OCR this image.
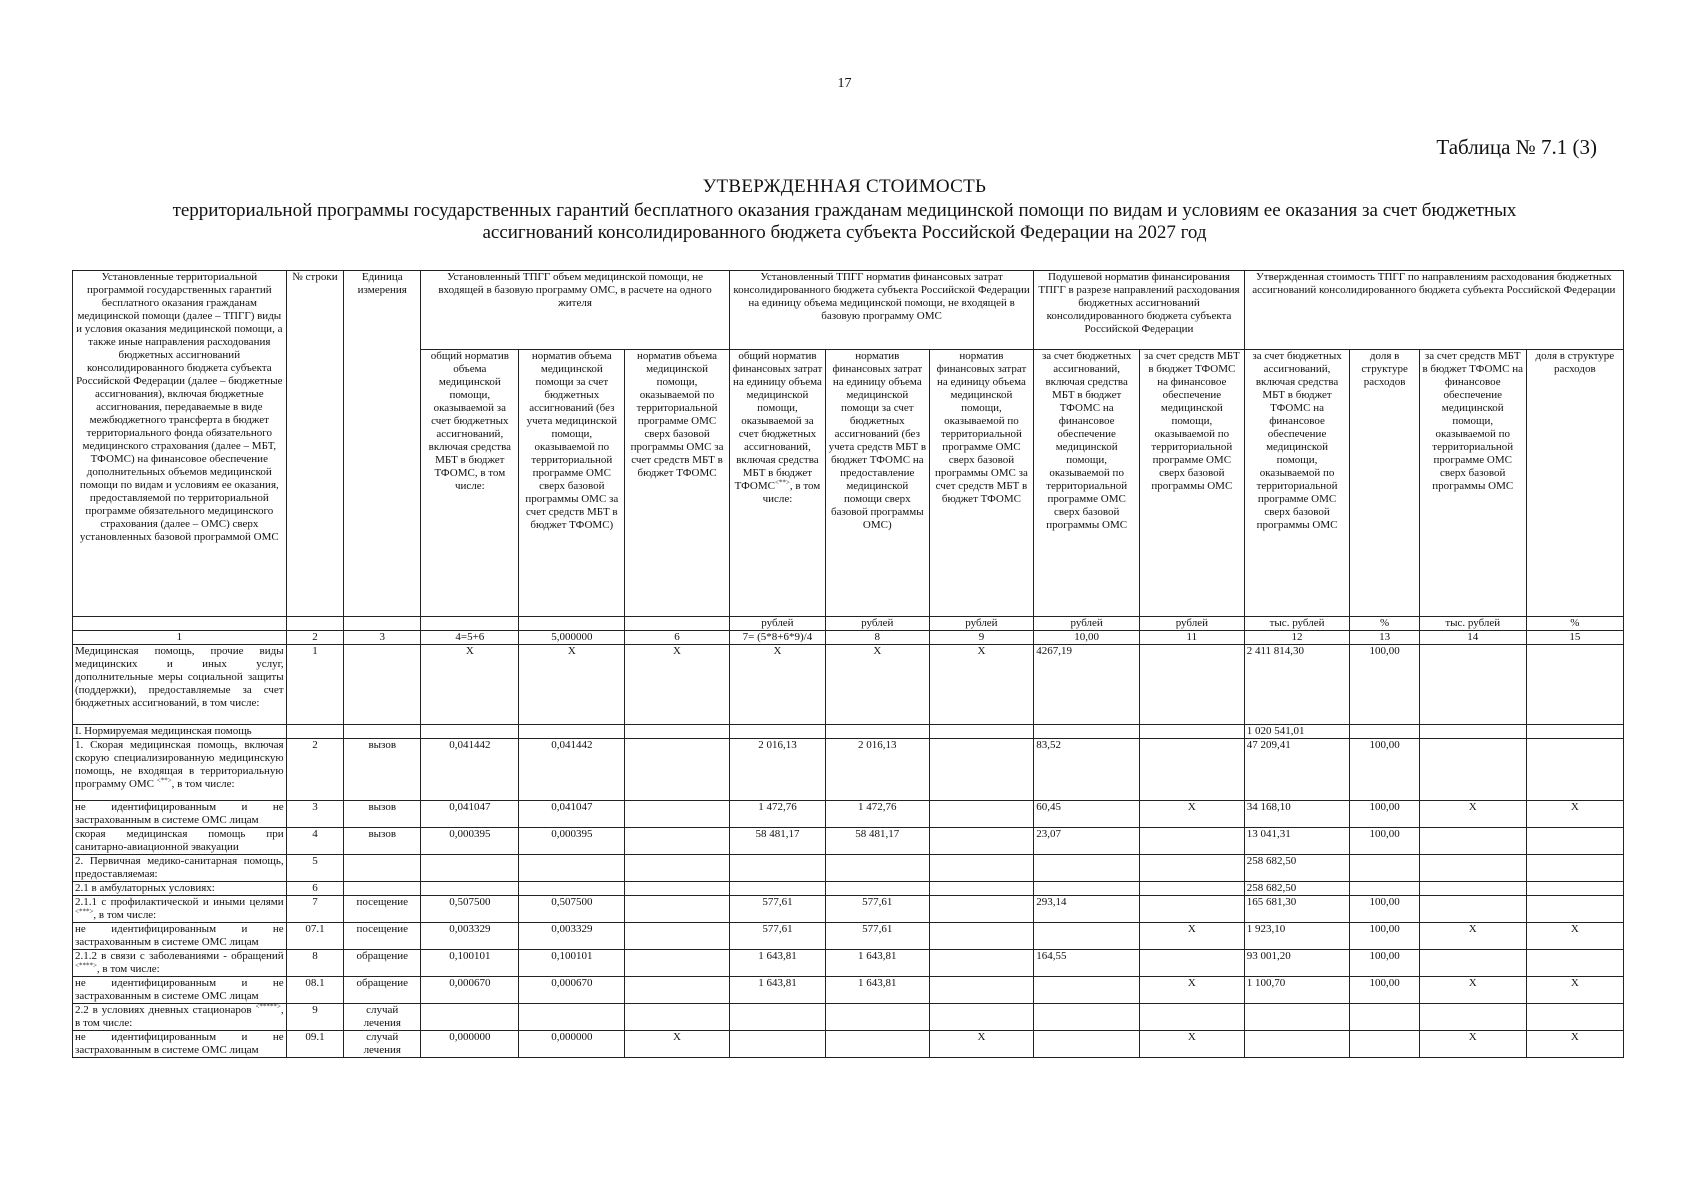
17
Таблица № 7.1 (3)
УТВЕРЖДЕННАЯ СТОИМОСТЬ
территориальной программы государственных гарантий бесплатного оказания гражданам медицинской помощи по видам и условиям ее оказания за счет бюджетных ассигнований консолидированного бюджета субъекта Российской Федерации на 2027 год
Установленные территориальной программой государственных гарантий бесплатного оказания гражданам медицинской помощи (далее – ТПГГ) виды и условия оказания медицинской помощи, а также иные направления расходования бюджетных ассигнований консолидированного бюджета субъекта Российской Федерации (далее – бюджетные ассигнования), включая бюджетные ассигнования, передаваемые в виде межбюджетного трансферта в бюджет территориального фонда обязательного медицинского страхования (далее – МБТ, ТФОМС) на финансовое обеспечение дополнительных объемов медицинской помощи по видам и условиям ее оказания, предоставляемой по территориальной программе обязательного медицинского страхования (далее – ОМС) сверх установленных базовой программой ОМС	№ строки	Единица измерения	Установленный ТПГГ объем медицинской помощи, не входящей в базовую программу ОМС, в расчете на одного жителя			Установленный ТПГГ норматив финансовых затрат консолидированного бюджета субъекта Российской Федерации на единицу объема медицинской помощи, не входящей в базовую программу ОМС			Подушевой норматив финансирования ТПГГ в разрезе направлений расходования бюджетных ассигнований консолидированного бюджета субъекта Российской Федерации		Утвержденная стоимость ТПГГ по направлениям расходования бюджетных ассигнований консолидированного бюджета субъекта Российской Федерации			
			общий норматив объема медицинской помощи, оказываемой за счет бюджетных ассигнований, включая средства МБТ в бюджет ТФОМС, в том числе:	норматив объема медицинской помощи за счет бюджетных ассигнований (без учета медицинской помощи, оказываемой по территориальной программе ОМС сверх базовой программы ОМС за счет средств МБТ в бюджет ТФОМС)	норматив объема медицинской помощи, оказываемой по территориальной программе ОМС сверх базовой программы ОМС за счет средств МБТ в бюджет ТФОМС	общий норматив финансовых затрат на единицу объема медицинской помощи, оказываемой за счет бюджетных ассигнований, включая средства МБТ в бюджет ТФОМС<**>, в том числе:	норматив финансовых затрат на единицу объема медицинской помощи за счет бюджетных ассигнований (без учета средств МБТ в бюджет ТФОМС на предоставление медицинской помощи сверх базовой программы ОМС)	норматив финансовых затрат на единицу объема медицинской помощи, оказываемой по территориальной программе ОМС сверх базовой программы ОМС за счет средств МБТ в бюджет ТФОМС	за счет бюджетных ассигнований, включая средства МБТ в бюджет ТФОМС на финансовое обеспечение медицинской помощи, оказываемой по территориальной программе ОМС сверх базовой программы ОМС	за счет средств МБТ в бюджет ТФОМС на финансовое обеспечение медицинской помощи, оказываемой по территориальной программе ОМС сверх базовой программы ОМС	за счет бюджетных ассигнований, включая средства МБТ в бюджет ТФОМС на финансовое обеспечение медицинской помощи, оказываемой по территориальной программе ОМС сверх базовой программы ОМС	доля в структуре расходов	за счет средств МБТ в бюджет ТФОМС на финансовое обеспечение медицинской помощи, оказываемой по территориальной программе ОМС сверх базовой программы ОМС	доля в структуре расходов
						рублей	рублей	рублей	рублей	рублей	тыс. рублей	%	тыс. рублей	%
1	2	3	4=5+6	5,000000	6	7= (5*8+6*9)/4	8	9	10,00	11	12	13	14	15
Медицинская помощь, прочие виды медицинских и иных услуг, дополнительные меры социальной защиты (поддержки), предоставляемые за счет бюджетных ассигнований, в том числе:	1		X	X	X	X	X	X	4267,19		2 411 814,30	100,00		
I. Нормируемая медицинская помощь											1 020 541,01			
1. Скорая медицинская помощь, включая скорую специализированную медицинскую помощь, не входящая в территориальную программу ОМС <**>, в том числе:	2	вызов	0,041442	0,041442		2 016,13	2 016,13		83,52		47 209,41	100,00		
не идентифицированным и не застрахованным в системе ОМС лицам	3	вызов	0,041047	0,041047		1 472,76	1 472,76		60,45	X	34 168,10	100,00	X	X
скорая медицинская помощь при санитарно-авиационной эвакуации	4	вызов	0,000395	0,000395		58 481,17	58 481,17		23,07		13 041,31	100,00		
2. Первичная медико-санитарная помощь, предоставляемая:	5										258 682,50			
2.1 в амбулаторных условиях:	6										258 682,50			
2.1.1 с профилактической и иными целями <***>, в том числе:	7	посещение	0,507500	0,507500		577,61	577,61		293,14		165 681,30	100,00		
не идентифицированным и не застрахованным в системе ОМС лицам	07.1	посещение	0,003329	0,003329		577,61	577,61			X	1 923,10	100,00	X	X
2.1.2 в связи с заболеваниями - обращений <****>, в том числе:	8	обращение	0,100101	0,100101		1 643,81	1 643,81		164,55		93 001,20	100,00		
не идентифицированным и не застрахованным в системе ОМС лицам	08.1	обращение	0,000670	0,000670		1 643,81	1 643,81			X	1 100,70	100,00	X	X
2.2 в условиях дневных стационаров <*****>, в том числе:	9	случай лечения												
не идентифицированным и не застрахованным в системе ОМС лицам	09.1	случай лечения	0,000000	0,000000	X			X		X			X	X
